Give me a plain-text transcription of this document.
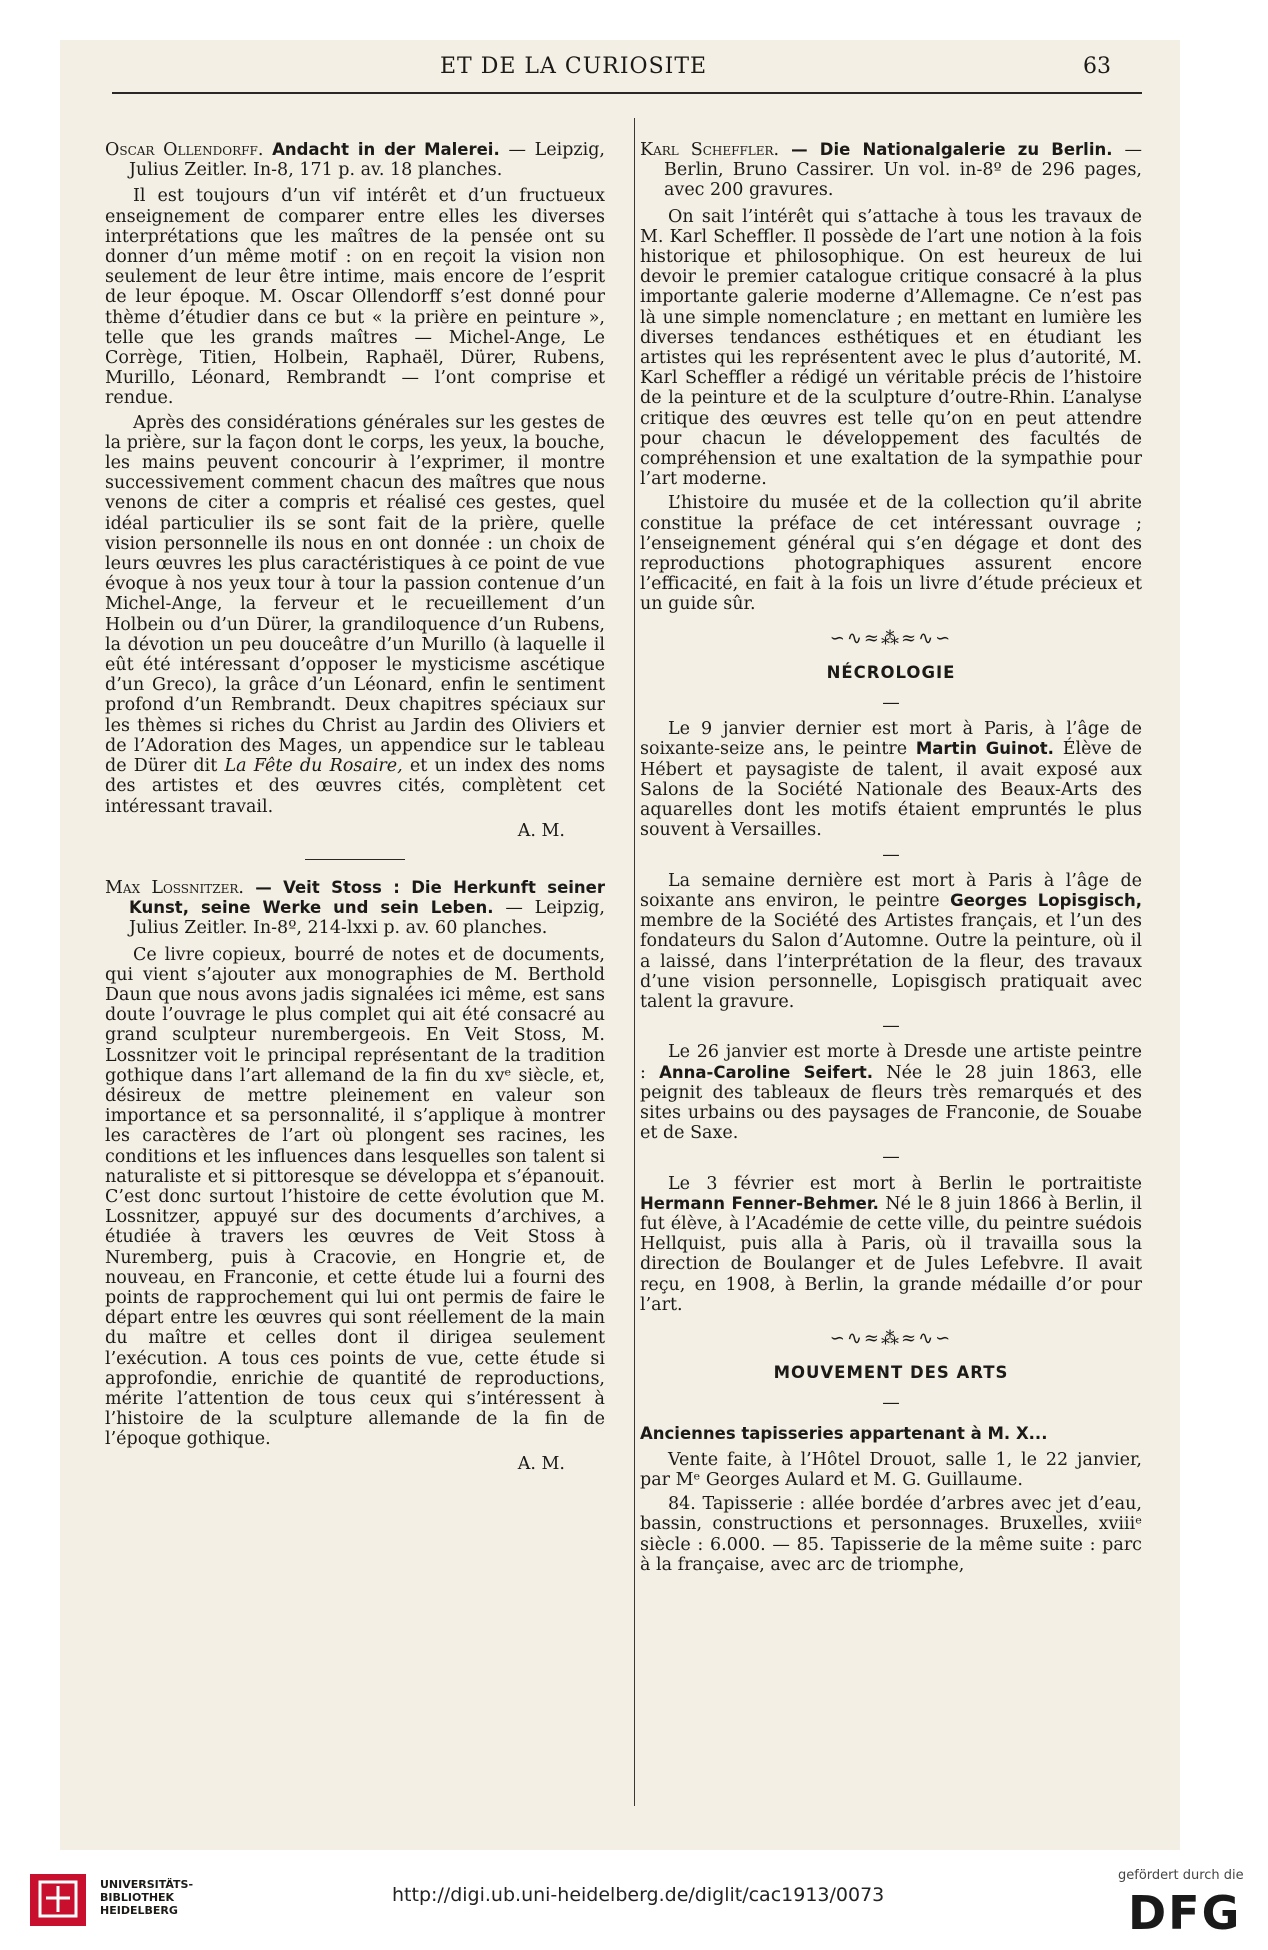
ET DE LA CURIOSITE	63
Oscar Ollendorff. Andacht in der Malerei. — Leipzig, Julius Zeitler. In-8, 171 p. av. 18 planches.

Il est toujours d’un vif intérêt et d’un fructueux enseignement de comparer entre elles les diverses interprétations que les maîtres de la pensée ont su donner d’un même motif : on en reçoit la vision non seulement de leur être intime, mais encore de l’esprit de leur époque. M. Oscar Ollendorff s’est donné pour thème d’étudier dans ce but « la prière en peinture », telle que les grands maîtres — Michel-Ange, Le Corrège, Titien, Holbein, Raphaël, Dürer, Rubens, Murillo, Léonard, Rembrandt — l’ont comprise et rendue.

Après des considérations générales sur les gestes de la prière, sur la façon dont le corps, les yeux, la bouche, les mains peuvent concourir à l’exprimer, il montre successivement comment chacun des maîtres que nous venons de citer a compris et réalisé ces gestes, quel idéal particulier ils se sont fait de la prière, quelle vision personnelle ils nous en ont donnée : un choix de leurs œuvres les plus caractéristiques à ce point de vue évoque à nos yeux tour à tour la passion contenue d’un Michel-Ange, la ferveur et le recueillement d’un Holbein ou d’un Dürer, la grandiloquence d’un Rubens, la dévotion un peu douceâtre d’un Murillo (à laquelle il eût été intéressant d’opposer le mysticisme ascétique d’un Greco), la grâce d’un Léonard, enfin le sentiment profond d’un Rembrandt. Deux chapitres spéciaux sur les thèmes si riches du Christ au Jardin des Oliviers et de l’Adoration des Mages, un appendice sur le tableau de Dürer dit La Fête du Rosaire, et un index des noms des artistes et des œuvres cités, complètent cet intéressant travail.

A. M.
Max Lossnitzer. — Veit Stoss : Die Herkunft seiner Kunst, seine Werke und sein Leben. — Leipzig, Julius Zeitler. In-8º, 214-lxxi p. av. 60 planches.

Ce livre copieux, bourré de notes et de documents, qui vient s’ajouter aux monographies de M. Berthold Daun que nous avons jadis signalées ici même, est sans doute l’ouvrage le plus complet qui ait été consacré au grand sculpteur nurembergeois. En Veit Stoss, M. Lossnitzer voit le principal représentant de la tradition gothique dans l’art allemand de la fin du xvᵉ siècle, et, désireux de mettre pleinement en valeur son importance et sa personnalité, il s’applique à montrer les caractères de l’art où plongent ses racines, les conditions et les influences dans lesquelles son talent si naturaliste et si pittoresque se développa et s’épanouit. C’est donc surtout l’histoire de cette évolution que M. Lossnitzer, appuyé sur des documents d’archives, a étudiée à travers les œuvres de Veit Stoss à Nuremberg, puis à Cracovie, en Hongrie et, de nouveau, en Franconie, et cette étude lui a fourni des points de rapprochement qui lui ont permis de faire le départ entre les œuvres qui sont réellement de la main du maître et celles dont il dirigea seulement l’exécution. A tous ces points de vue, cette étude si approfondie, enrichie de quantité de reproductions, mérite l’attention de tous ceux qui s’intéressent à l’histoire de la sculpture allemande de la fin de l’époque gothique.

A. M.
Karl Scheffler. — Die Nationalgalerie zu Berlin. — Berlin, Bruno Cassirer. Un vol. in-8º de 296 pages, avec 200 gravures.

On sait l’intérêt qui s’attache à tous les travaux de M. Karl Scheffler. Il possède de l’art une notion à la fois historique et philosophique. On est heureux de lui devoir le premier catalogue critique consacré à la plus importante galerie moderne d’Allemagne. Ce n’est pas là une simple nomenclature ; en mettant en lumière les diverses tendances esthétiques et en étudiant les artistes qui les représentent avec le plus d’autorité, M. Karl Scheffler a rédigé un véritable précis de l’histoire de la peinture et de la sculpture d’outre-Rhin. L’analyse critique des œuvres est telle qu’on en peut attendre pour chacun le développement des facultés de compréhension et une exaltation de la sympathie pour l’art moderne.

L’histoire du musée et de la collection qu’il abrite constitue la préface de cet intéressant ouvrage ; l’enseignement général qui s’en dégage et dont des reproductions photographiques assurent encore l’efficacité, en fait à la fois un livre d’étude précieux et un guide sûr.

∽∿≈⁂≈∿∽
NÉCROLOGIE
—

Le 9 janvier dernier est mort à Paris, à l’âge de soixante-seize ans, le peintre Martin Guinot. Élève de Hébert et paysagiste de talent, il avait exposé aux Salons de la Société Nationale des Beaux-Arts des aquarelles dont les motifs étaient empruntés le plus souvent à Versailles.

—

La semaine dernière est mort à Paris à l’âge de soixante ans environ, le peintre Georges Lopisgisch, membre de la Société des Artistes français, et l’un des fondateurs du Salon d’Automne. Outre la peinture, où il a laissé, dans l’interprétation de la fleur, des travaux d’une vision personnelle, Lopisgisch pratiquait avec talent la gravure.

—

Le 26 janvier est morte à Dresde une artiste peintre : Anna-Caroline Seifert. Née le 28 juin 1863, elle peignit des tableaux de fleurs très remarqués et des sites urbains ou des paysages de Franconie, de Souabe et de Saxe.

—

Le 3 février est mort à Berlin le portraitiste Hermann Fenner-Behmer. Né le 8 juin 1866 à Berlin, il fut élève, à l’Académie de cette ville, du peintre suédois Hellquist, puis alla à Paris, où il travailla sous la direction de Boulanger et de Jules Lefebvre. Il avait reçu, en 1908, à Berlin, la grande médaille d’or pour l’art.

∽∿≈⁂≈∿∽
MOUVEMENT DES ARTS
—
Anciennes tapisseries appartenant à M. X...

Vente faite, à l’Hôtel Drouot, salle 1, le 22 janvier, par Mᵉ Georges Aulard et M. G. Guillaume.

84. Tapisserie : allée bordée d’arbres avec jet d’eau, bassin, constructions et personnages. Bruxelles, xviiiᵉ siècle : 6.000. — 85. Tapisserie de la même suite : parc à la française, avec arc de triomphe,

UNIVERSITÄTS-
BIBLIOTHEK
HEIDELBERG
http://digi.ub.uni-heidelberg.de/diglit/cac1913/0073
gefördert durch die
DFG
